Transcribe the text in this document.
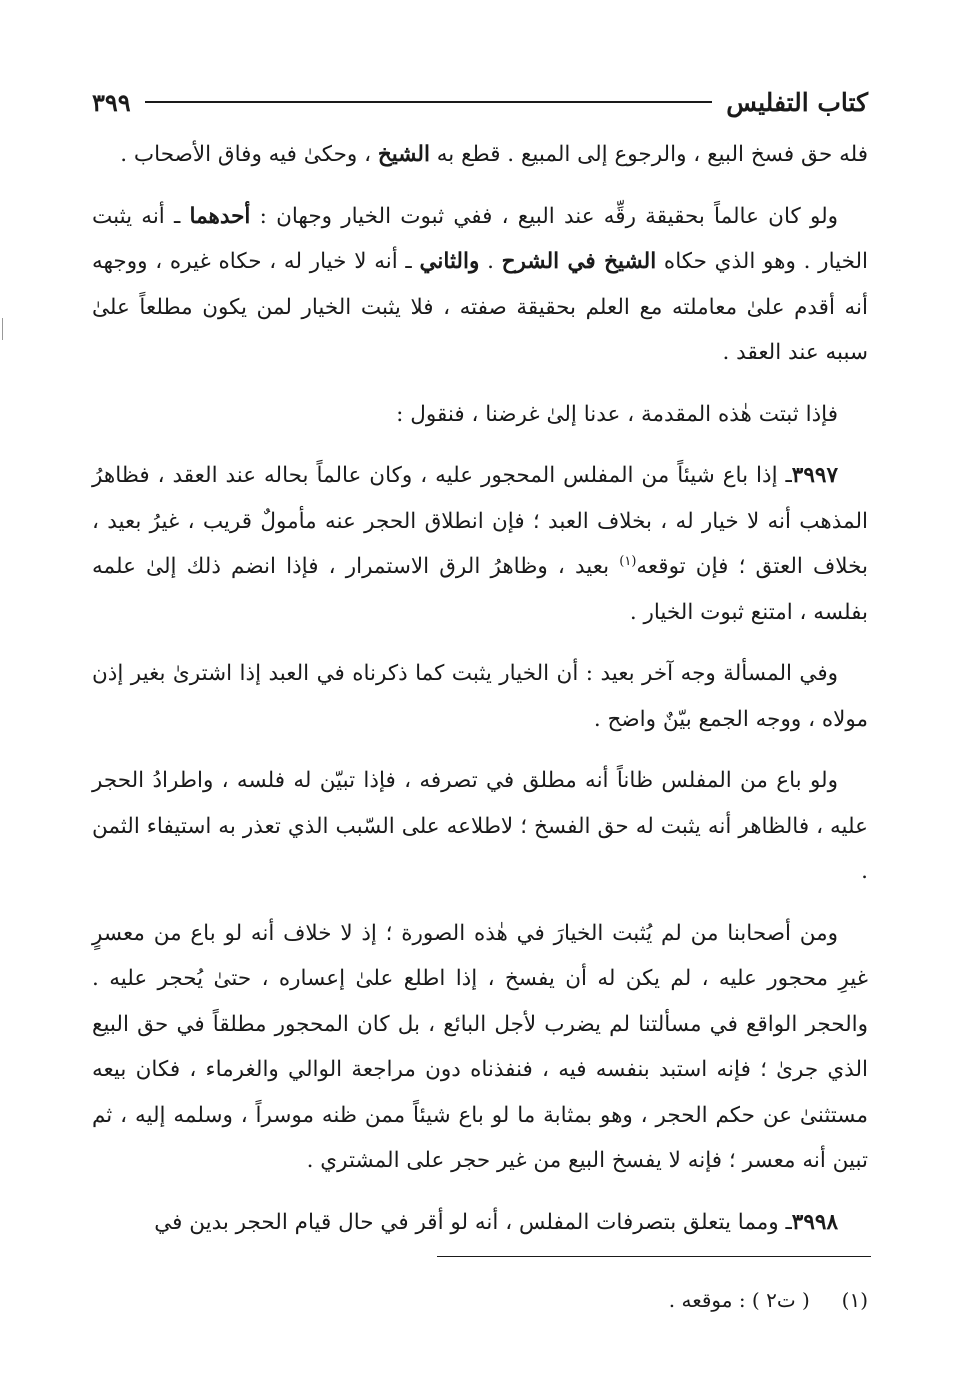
كتاب التفليس
٣٩٩

فله حق فسخ البيع ، والرجوع إلى المبيع . قطع به الشيخ ، وحكىٰ فيه وفاق الأصحاب .

ولو كان عالماً بحقيقة رقِّه عند البيع ، ففي ثبوت الخيار وجهان : أحدهما ـ أنه يثبت الخيار . وهو الذي حكاه الشيخ في الشرح . والثاني ـ أنه لا خيار له ، حكاه غيره ، ووجهه أنه أقدم علىٰ معاملته مع العلم بحقيقة صفته ، فلا يثبت الخيار لمن يكون مطلعاً علىٰ سببه عند العقد .

فإذا ثبتت هٰذه المقدمة ، عدنا إلىٰ غرضنا ، فنقول :

٣٩٩٧ـ إذا باع شيئاً من المفلس المحجور عليه ، وكان عالماً بحاله عند العقد ، فظاهرُ المذهب أنه لا خيار له ، بخلاف العبد ؛ فإن انطلاق الحجر عنه مأمولٌ قريب ، غيرُ بعيد ، بخلاف العتق ؛ فإن توقعه$^{(١)}$ بعيد ، وظاهرُ الرق الاستمرار ، فإذا انضم ذلك إلىٰ علمه بفلسه ، امتنع ثبوت الخيار .

وفي المسألة وجه آخر بعيد : أن الخيار يثبت كما ذكرناه في العبد إذا اشترىٰ بغير إذن مولاه ، ووجه الجمع بيّنٌ واضح .

ولو باع من المفلس ظاناً أنه مطلق في تصرفه ، فإذا تبيّن له فلسه ، واطرادُ الحجر عليه ، فالظاهر أنه يثبت له حق الفسخ ؛ لاطلاعه على السّبب الذي تعذر به استيفاء الثمن .

ومن أصحابنا من لم يُثبت الخيارَ في هٰذه الصورة ؛ إذ لا خلاف أنه لو باع من معسرٍ غيرِ محجور عليه ، لم يكن له أن يفسخ ، إذا اطلع علىٰ إعساره ، حتىٰ يُحجر عليه . والحجر الواقع في مسألتنا لم يضرب لأجل البائع ، بل كان المحجور مطلقاً في حق البيع الذي جرىٰ ؛ فإنه استبد بنفسه فيه ، فنفذناه دون مراجعة الوالي والغرماء ، فكان بيعه مستثنىٰ عن حكم الحجر ، وهو بمثابة ما لو باع شيئاً ممن ظنه موسراً ، وسلمه إليه ، ثم تبين أنه معسر ؛ فإنه لا يفسخ البيع من غير حجر على المشتري .

٣٩٩٨ـ ومما يتعلق بتصرفات المفلس ، أنه لو أقر في حال قيام الحجر بدين في

(١)     ( ت٢ ) : موقعه .
